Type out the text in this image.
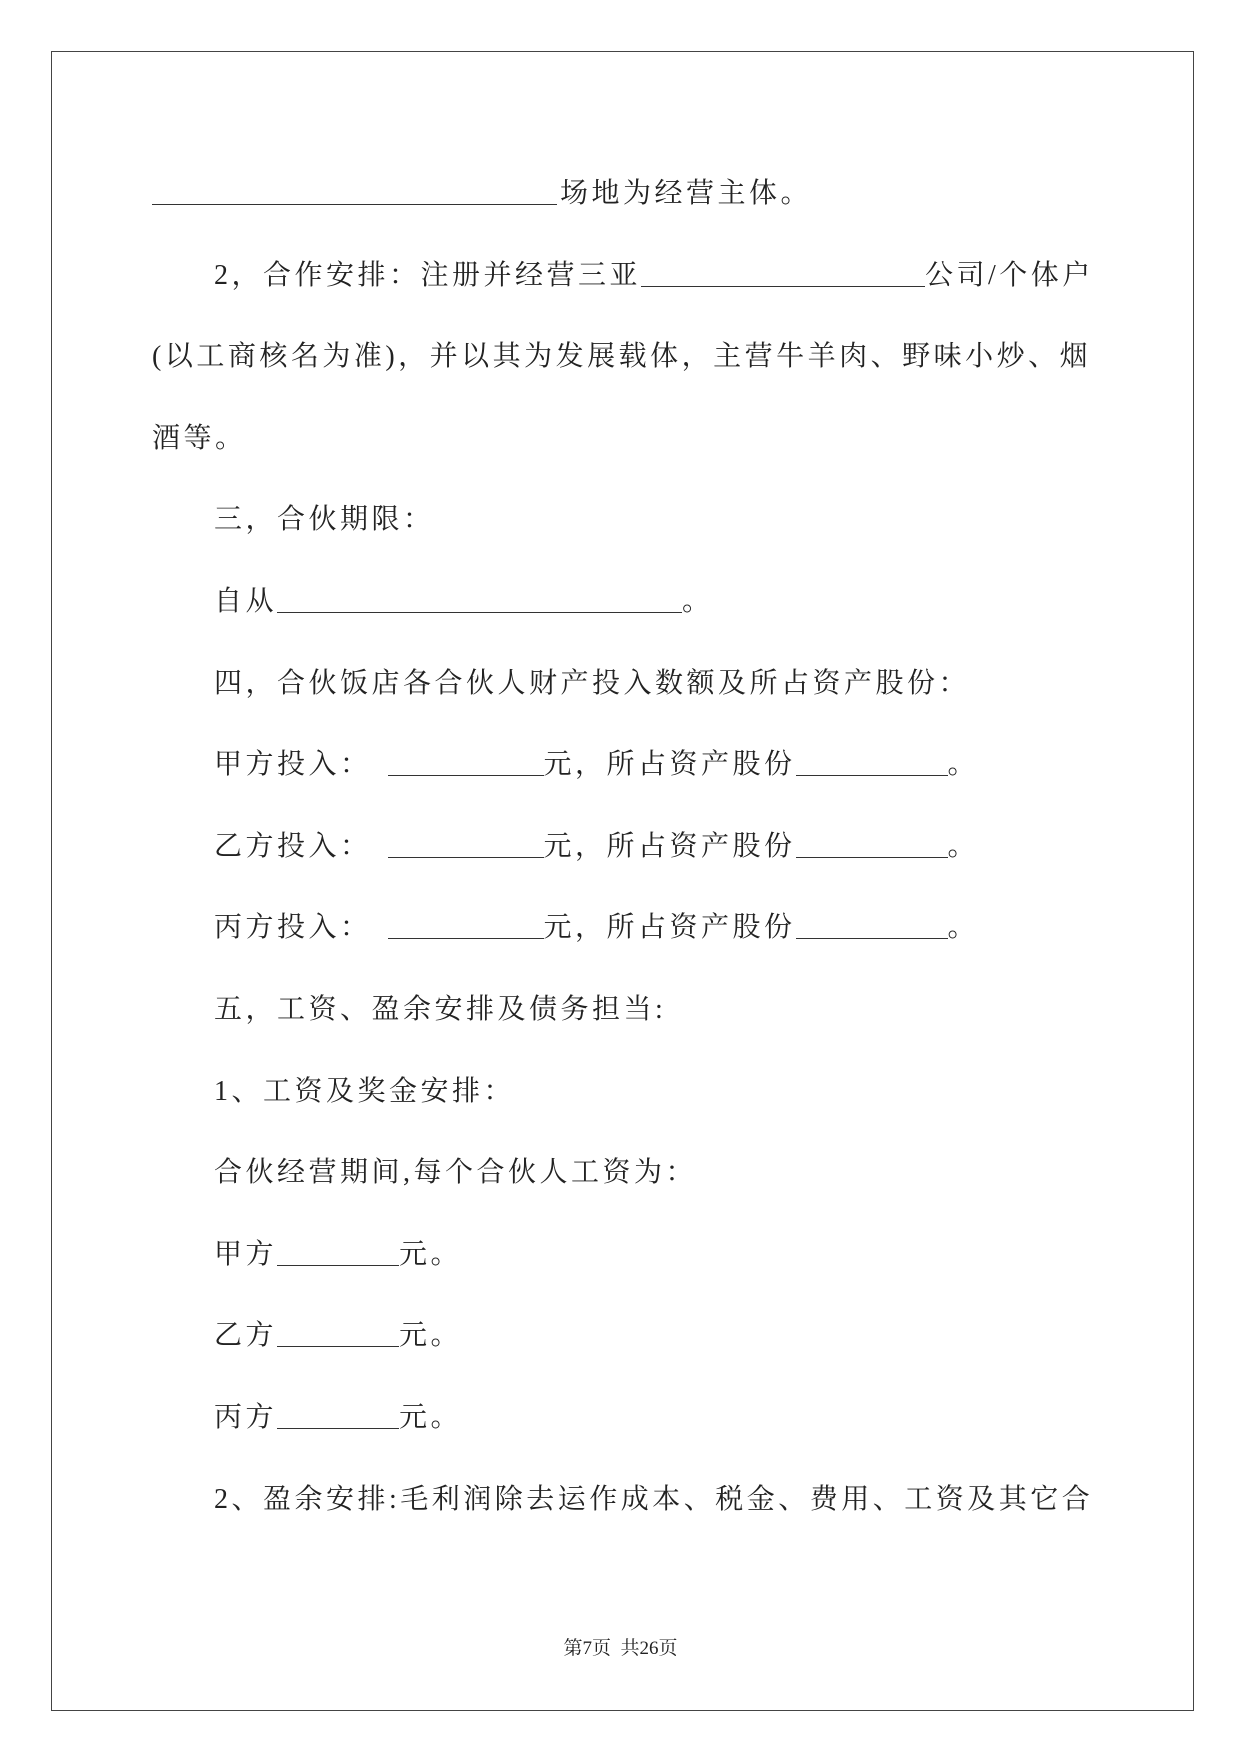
场地为经营主体。
2，合作安排：注册并经营三亚	公司/个体户
(以工商核名为准)，并以其为发展载体，主营牛羊肉、野味小炒、烟
酒等。
三，合伙期限：
自从	。
四，合伙饭店各合伙人财产投入数额及所占资产股份：
甲方投入：	元，所占资产股份	。
乙方投入：	元，所占资产股份	。
丙方投入：	元，所占资产股份	。
五，工资、盈余安排及债务担当:
1、工资及奖金安排：
合伙经营期间,每个合伙人工资为：
甲方	元。
乙方	元。
丙方	元。
2、盈余安排:毛利润除去运作成本、税金、费用、工资及其它合
第7页  共26页
